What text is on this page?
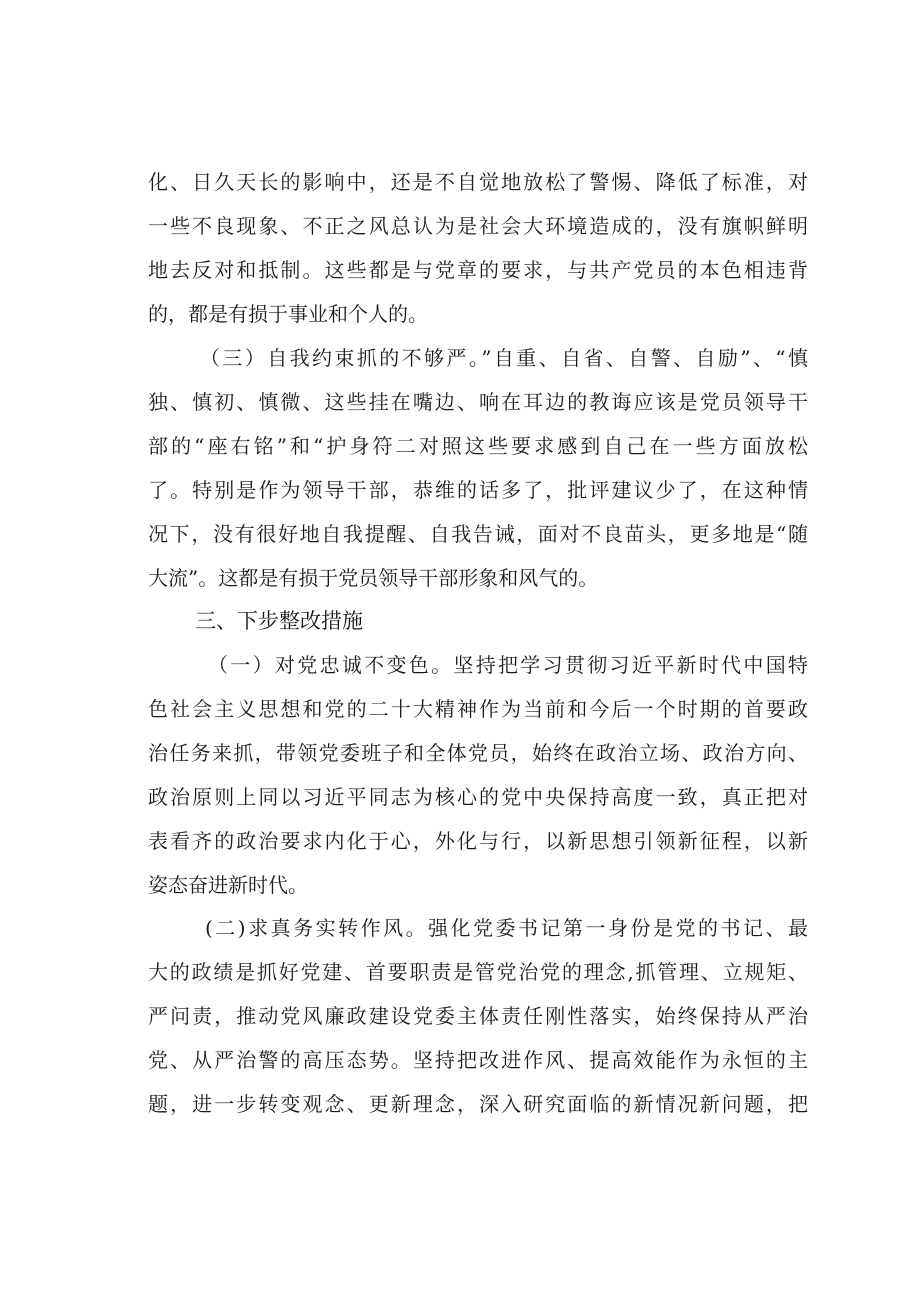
化、日久天长的影响中，还是不自觉地放松了警惕、降低了标准，对
一些不良现象、不正之风总认为是社会大环境造成的，没有旗帜鲜明
地去反对和抵制。这些都是与党章的要求，与共产党员的本色相违背
的，都是有损于事业和个人的。
（三）自我约束抓的不够严。”自重、自省、自警、自励”、“慎
独、慎初、慎微、这些挂在嘴边、响在耳边的教诲应该是党员领导干
部的“座右铭”和“护身符二对照这些要求感到自己在一些方面放松
了。特别是作为领导干部，恭维的话多了，批评建议少了，在这种情
况下，没有很好地自我提醒、自我告诫，面对不良苗头，更多地是“随
大流”。这都是有损于党员领导干部形象和风气的。
三、下步整改措施
（一）对党忠诚不变色。坚持把学习贯彻习近平新时代中国特
色社会主义思想和党的二十大精神作为当前和今后一个时期的首要政
治任务来抓，带领党委班子和全体党员，始终在政治立场、政治方向、
政治原则上同以习近平同志为核心的党中央保持高度一致，真正把对
表看齐的政治要求内化于心，外化与行，以新思想引领新征程，以新
姿态奋进新时代。
(二)求真务实转作风。强化党委书记第一身份是党的书记、最
大的政绩是抓好党建、首要职责是管党治党的理念,抓管理、立规矩、
严问责，推动党风廉政建设党委主体责任刚性落实，始终保持从严治
党、从严治警的高压态势。坚持把改进作风、提高效能作为永恒的主
题，进一步转变观念、更新理念，深入研究面临的新情况新问题，把
